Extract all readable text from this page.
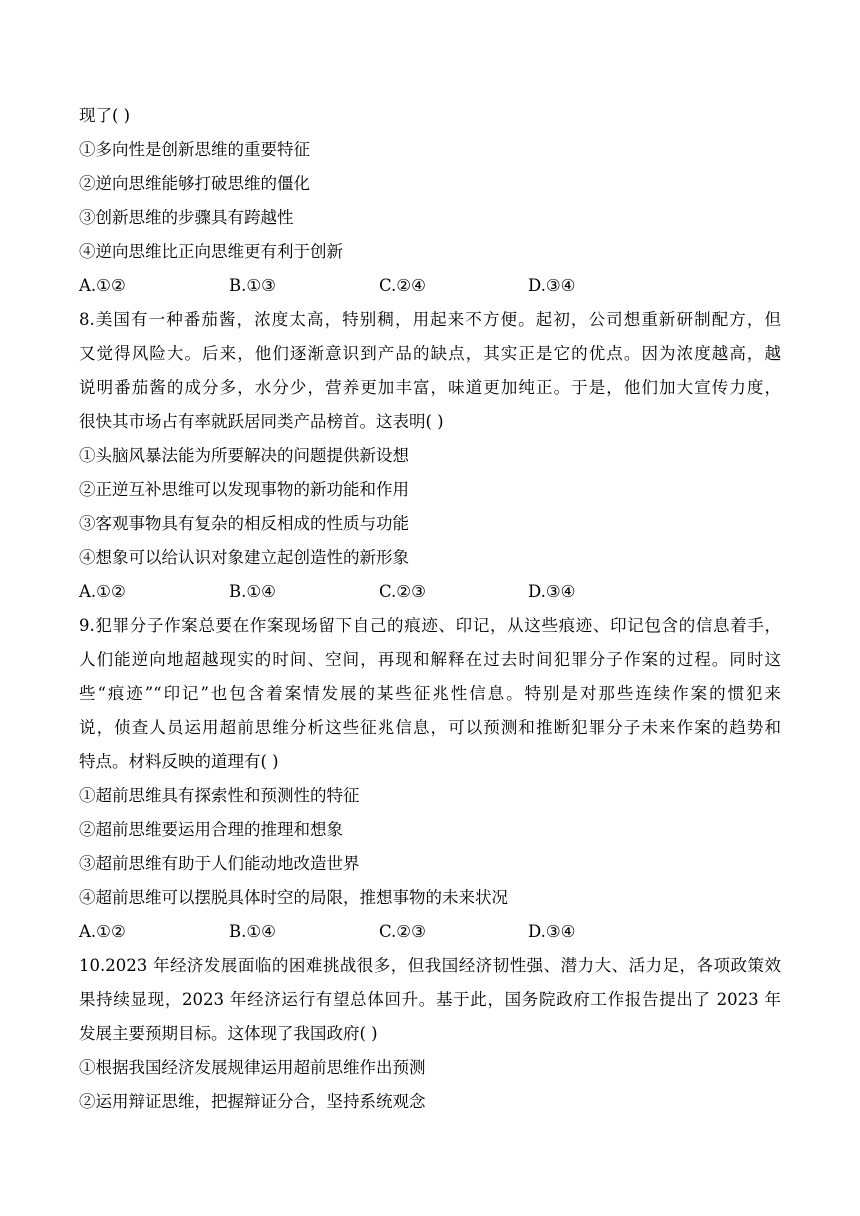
现了( )
①多向性是创新思维的重要特征
②逆向思维能够打破思维的僵化
③创新思维的步骤具有跨越性
④逆向思维比正向思维更有利于创新
A.①②	B.①③	C.②④	D.③④
8.美国有一种番茄酱，浓度太高，特别稠，用起来不方便。起初，公司想重新研制配方，但
又觉得风险大。后来，他们逐渐意识到产品的缺点，其实正是它的优点。因为浓度越高，越
说明番茄酱的成分多，水分少，营养更加丰富，味道更加纯正。于是，他们加大宣传力度，
很快其市场占有率就跃居同类产品榜首。这表明( )
①头脑风暴法能为所要解决的问题提供新设想
②正逆互补思维可以发现事物的新功能和作用
③客观事物具有复杂的相反相成的性质与功能
④想象可以给认识对象建立起创造性的新形象
A.①②	B.①④	C.②③	D.③④
9.犯罪分子作案总要在作案现场留下自己的痕迹、印记，从这些痕迹、印记包含的信息着手，
人们能逆向地超越现实的时间、空间，再现和解释在过去时间犯罪分子作案的过程。同时这
些“痕迹”“印记”也包含着案情发展的某些征兆性信息。特别是对那些连续作案的惯犯来
说，侦查人员运用超前思维分析这些征兆信息，可以预测和推断犯罪分子未来作案的趋势和
特点。材料反映的道理有( )
①超前思维具有探索性和预测性的特征
②超前思维要运用合理的推理和想象
③超前思维有助于人们能动地改造世界
④超前思维可以摆脱具体时空的局限，推想事物的未来状况
A.①②	B.①④	C.②③	D.③④
10.2023 年经济发展面临的困难挑战很多，但我国经济韧性强、潜力大、活力足，各项政策效
果持续显现，2023 年经济运行有望总体回升。基于此，国务院政府工作报告提出了 2023 年
发展主要预期目标。这体现了我国政府( )
①根据我国经济发展规律运用超前思维作出预测
②运用辩证思维，把握辩证分合，坚持系统观念
